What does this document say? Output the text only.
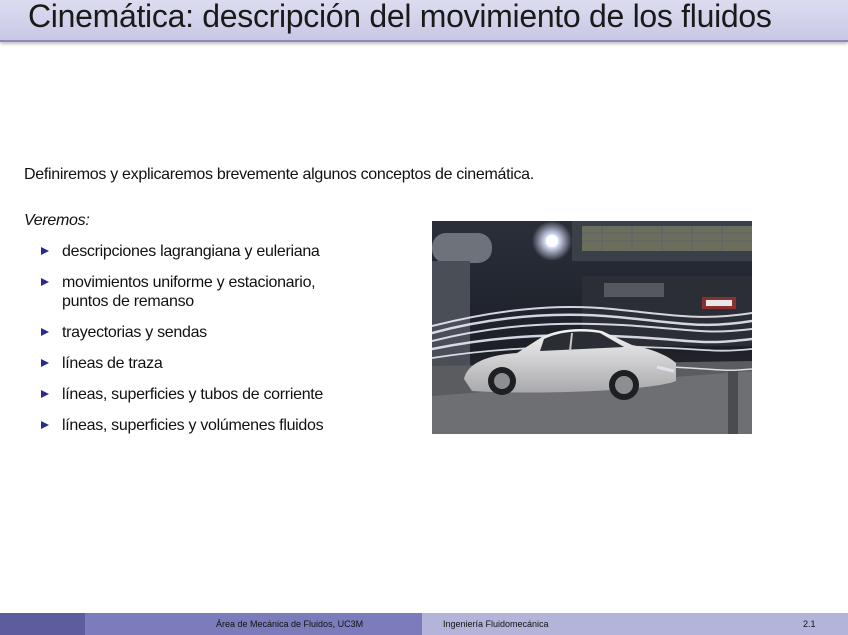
Cinemática: descripción del movimiento de los fluidos
Definiremos y explicaremos brevemente algunos conceptos de cinemática.
Veremos:
descripciones lagrangiana y euleriana
movimientos uniforme y estacionario,
puntos de remanso
trayectorias y sendas
líneas de traza
líneas, superficies y tubos de corriente
líneas, superficies y volúmenes fluidos
Área de Mecánica de Fluidos, UC3M	Ingeniería Fluidomecánica	2.1
